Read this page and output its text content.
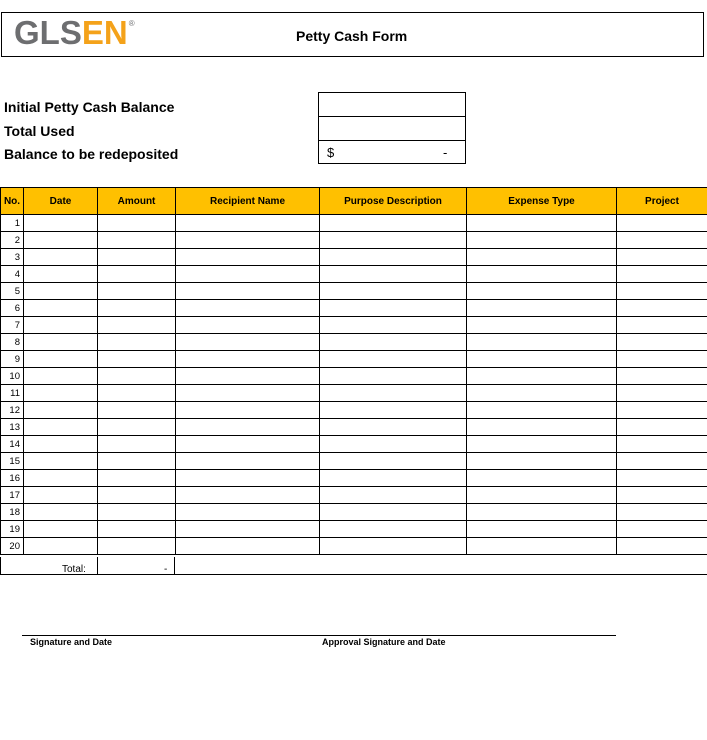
GLS EN ®
Petty Cash Form
Initial Petty Cash Balance
Total Used
Balance to be redeposited	$	-
No.	Date	Amount	Recipient Name	Purpose Description	Expense Type	Project
1						
2						
3						
4						
5						
6						
7						
8						
9						
10						
11						
12						
13						
14						
15						
16						
17						
18						
19						
20						
Total:	-
Signature and Date	Approval Signature and Date
